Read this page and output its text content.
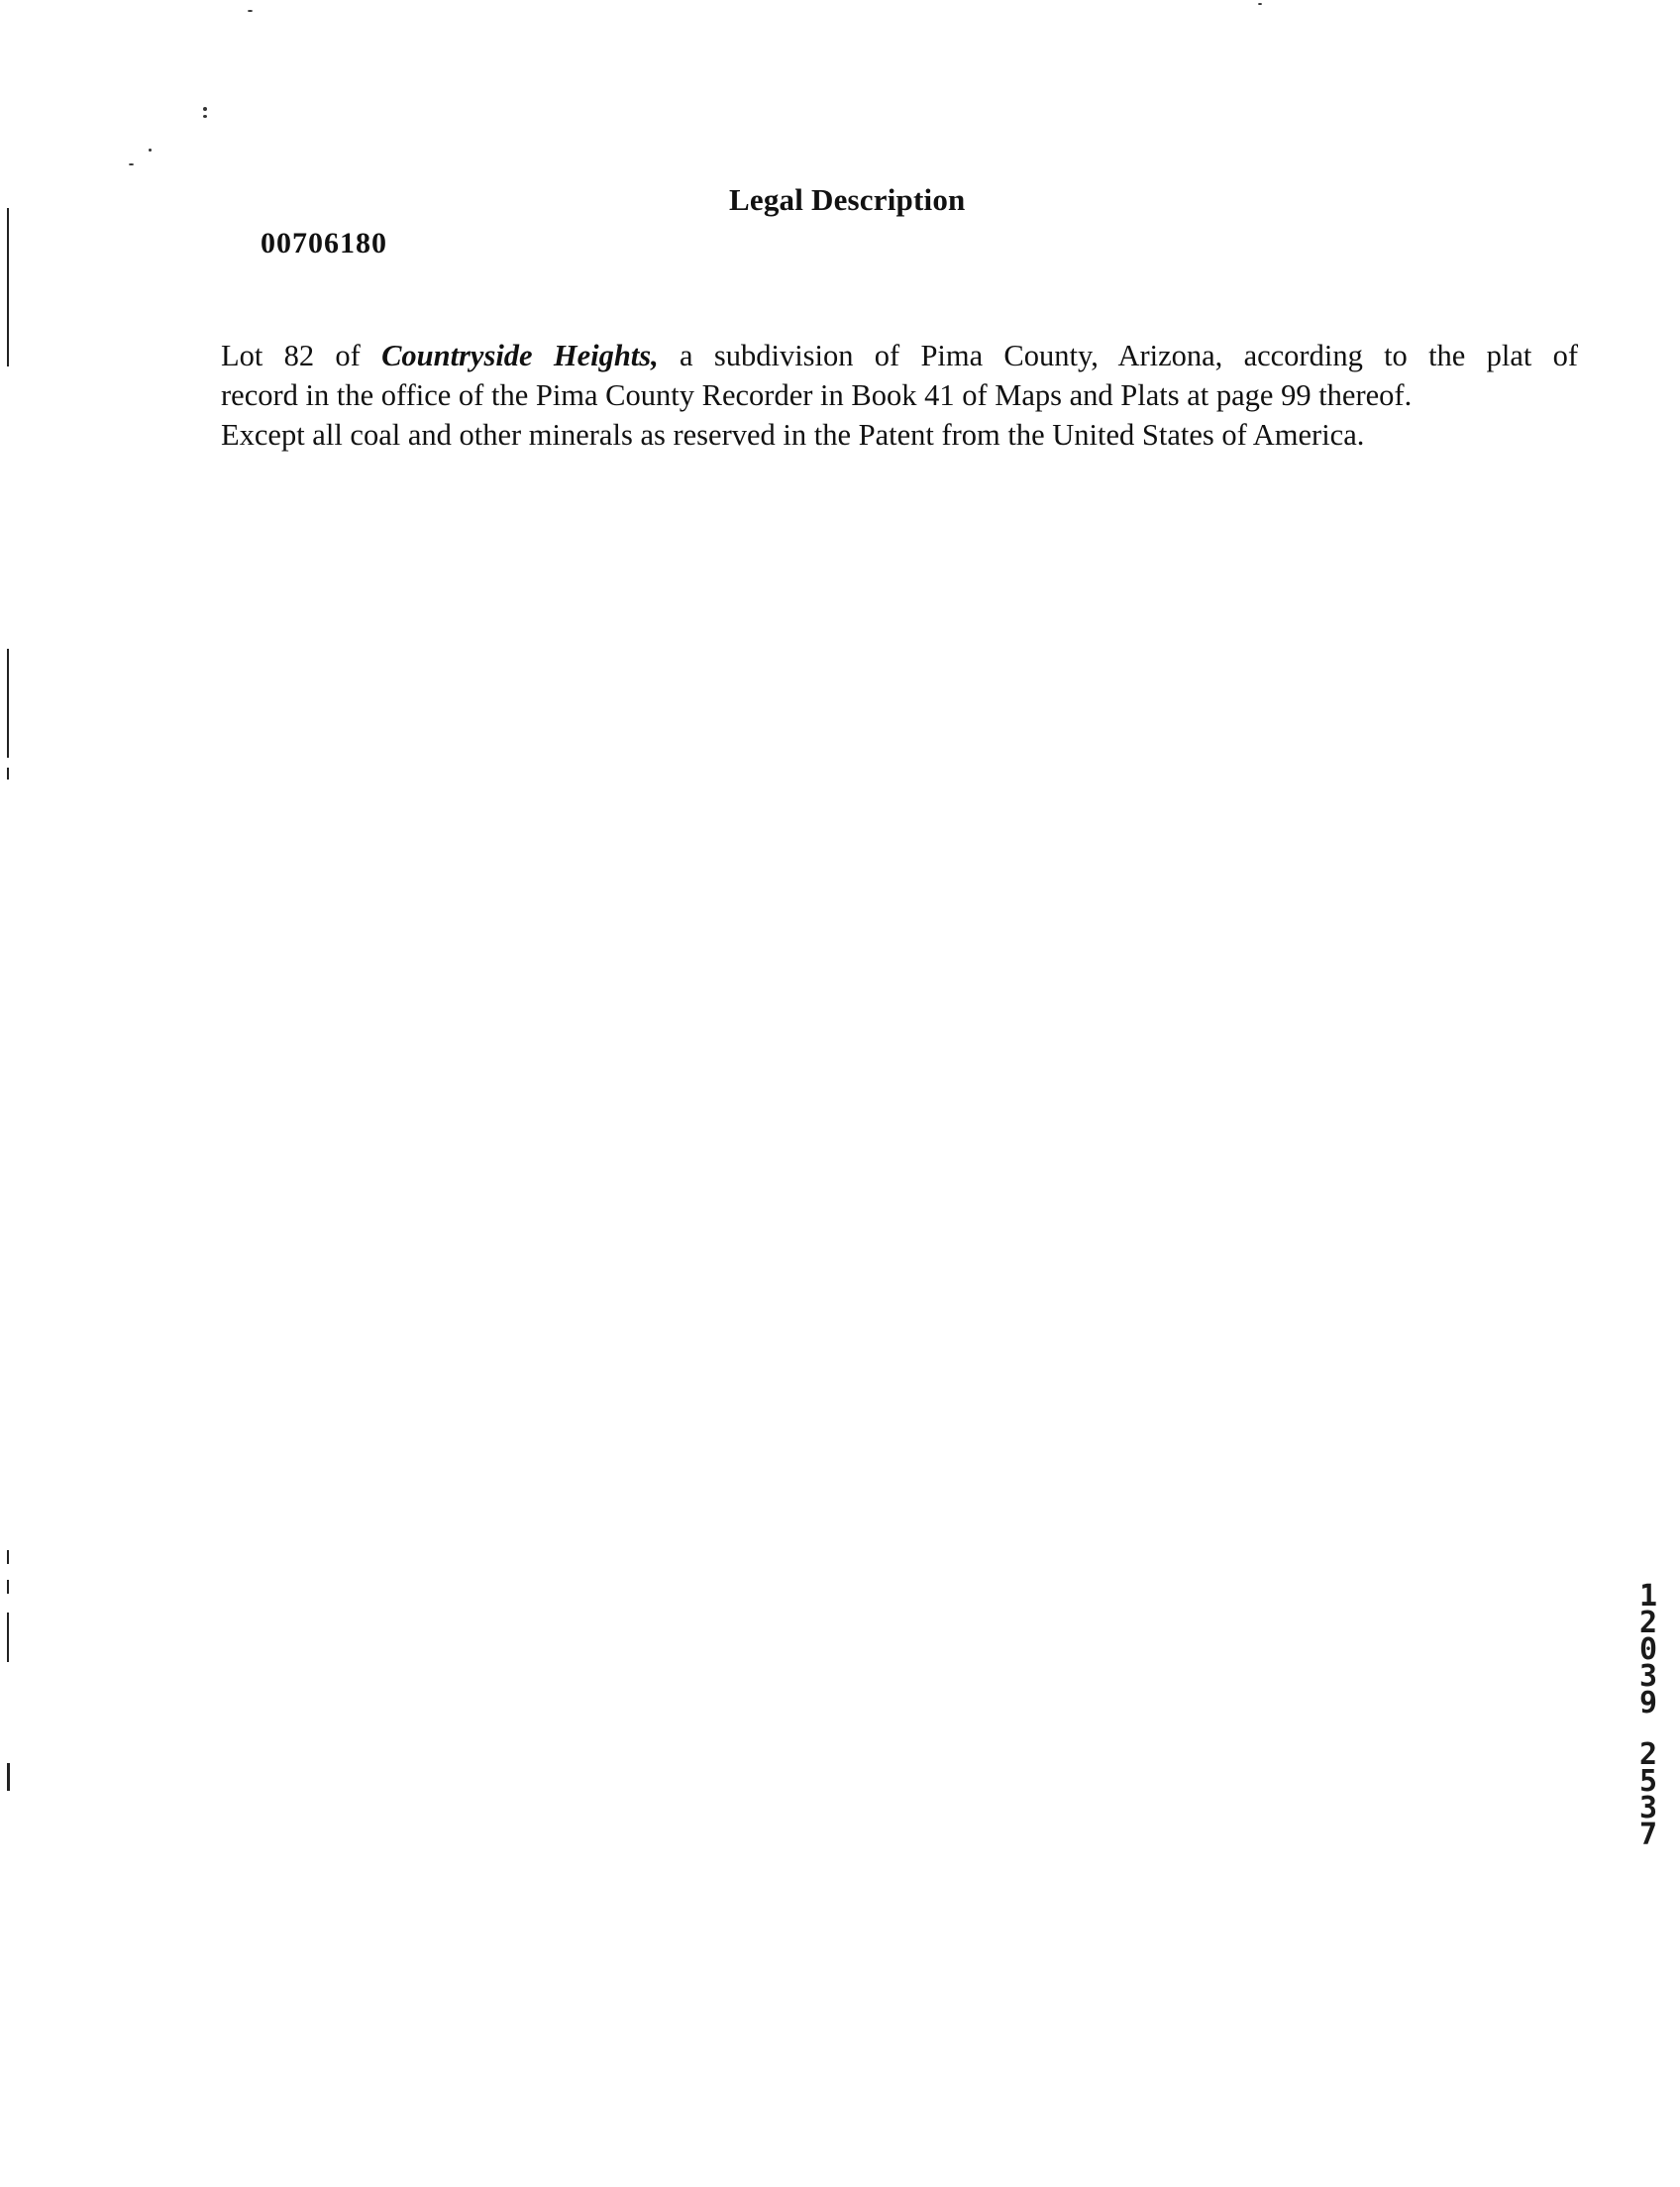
Legal Description
00706180
Lot 82 of Countryside Heights, a subdivision of Pima County, Arizona, according to the plat of
record in the office of the Pima County Recorder in Book 41 of Maps and Plats at page 99 thereof.
Except all coal and other minerals as reserved in the Patent from the United States of America.
1
2
0
3
9
2
5
3
7
